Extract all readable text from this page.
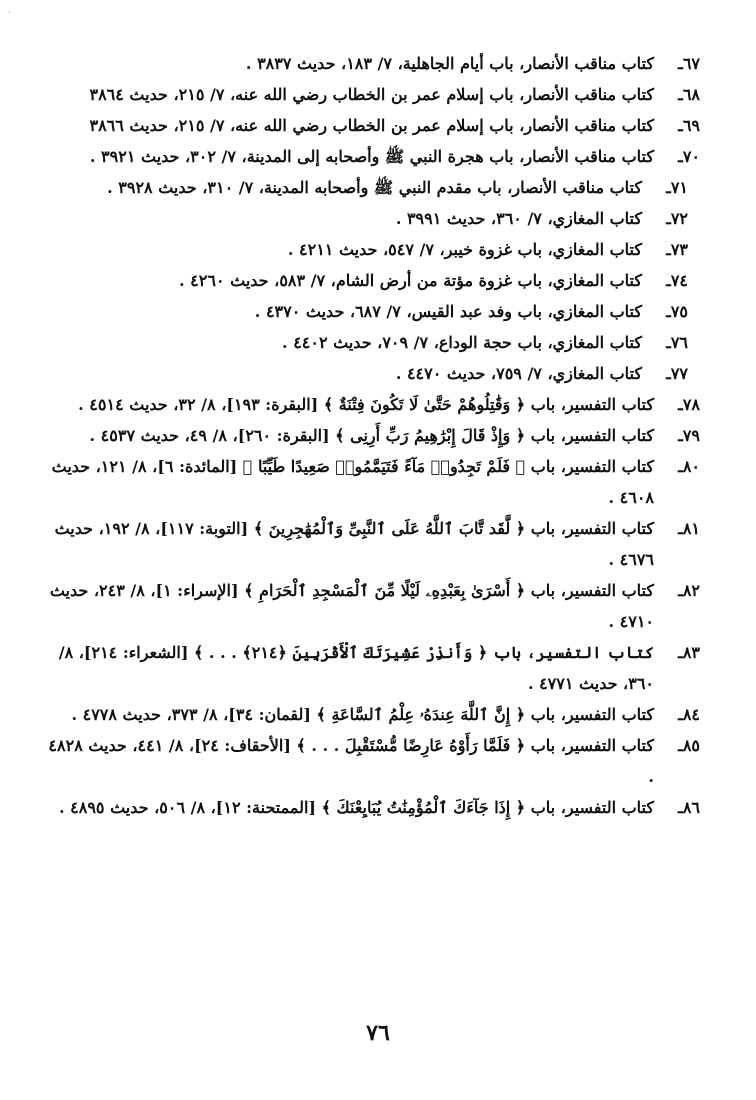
·
٦٧ـ
كتاب مناقب الأنصار، باب أيام الجاهلية، ٧/ ١٨٣، حديث ٣٨٣٧ .
٦٨ـ
كتاب مناقب الأنصار، باب إسلام عمر بن الخطاب رضي الله عنه، ٧/ ٢١٥، حديث ٣٨٦٤
٦٩ـ
كتاب مناقب الأنصار، باب إسلام عمر بن الخطاب رضي الله عنه، ٧/ ٢١٥، حديث ٣٨٦٦
٧٠ـ
كتاب مناقب الأنصار، باب هجرة النبي ﷺ وأصحابه إلى المدينة، ٧/ ٣٠٢، حديث ٣٩٢١ .
٧١ـ
كتاب مناقب الأنصار، باب مقدم النبي ﷺ وأصحابه المدينة، ٧/ ٣١٠، حديث ٣٩٢٨ .
٧٢ـ
كتاب المغازي، ٧/ ٣٦٠، حديث ٣٩٩١ .
٧٣ـ
كتاب المغازي، باب غزوة خيبر، ٧/ ٥٤٧، حديث ٤٢١١ .
٧٤ـ
كتاب المغازي، باب غزوة مؤتة من أرض الشام، ٧/ ٥٨٣، حديث ٤٢٦٠ .
٧٥ـ
كتاب المغازي، باب وفد عبد القيس، ٧/ ٦٨٧، حديث ٤٣٧٠ .
٧٦ـ
كتاب المغازي، باب حجة الوداع، ٧/ ٧٠٩، حديث ٤٤٠٢ .
٧٧ـ
كتاب المغازي، ٧/ ٧٥٩، حديث ٤٤٧٠ .
٧٨ـ
كتاب التفسير، باب ﴿ وَقَٰتِلُوهُمْ حَتَّىٰ لَا تَكُونَ فِتْنَةٌ ﴾ [البقرة: ١٩٣]، ٨/ ٣٢، حديث ٤٥١٤ .
٧٩ـ
كتاب التفسير، باب ﴿ وَإِذْ قَالَ إِبْرَٰهِيمُ رَبِّ أَرِنِى ﴾ [البقرة: ٢٦٠]، ٨/ ٤٩، حديث ٤٥٣٧ .
٨٠ـ
كتاب التفسير، باب ﴿ فَلَمْ تَجِدُوا۟ مَآءً فَتَيَمَّمُوا۟ صَعِيدًا طَيِّبًا ﴾ [المائدة: ٦]، ٨/ ١٢١، حديث ٤٦٠٨ .
٨١ـ
كتاب التفسير، باب ﴿ لَّقَد تَّابَ ٱللَّهُ عَلَى ٱلنَّبِىِّ وَٱلْمُهَٰجِرِينَ ﴾ [التوبة: ١١٧]، ٨/ ١٩٢، حديث ٤٦٧٦ .
٨٢ـ
كتاب التفسير، باب ﴿ أَسْرَىٰ بِعَبْدِهِۦ لَيْلًا مِّنَ ٱلْمَسْجِدِ ٱلْحَرَامِ ﴾ [الإسراء: ١]، ٨/ ٢٤٣، حديث ٤٧١٠ .
٨٣ـ
كتاب التفسير، باب ﴿ وَأَنذِرْ عَشِيرَتَكَ ٱلْأَقْرَبِينَ ﴿٢١٤﴾ . . . ﴾ [الشعراء: ٢١٤]، ٨/ ٣٦٠، حديث ٤٧٧١ .
٨٤ـ
كتاب التفسير، باب ﴿ إِنَّ ٱللَّهَ عِندَهُۥ عِلْمُ ٱلسَّاعَةِ ﴾ [لقمان: ٣٤]، ٨/ ٣٧٣، حديث ٤٧٧٨ .
٨٥ـ
كتاب التفسير، باب ﴿ فَلَمَّا رَأَوْهُ عَارِضًا مُّسْتَقْبِلَ . . . ﴾ [الأحقاف: ٢٤]، ٨/ ٤٤١، حديث ٤٨٢٨ .
٨٦ـ
كتاب التفسير، باب ﴿ إِذَا جَآءَكَ ٱلْمُؤْمِنَٰتُ يُبَايِعْنَكَ ﴾ [الممتحنة: ١٢]، ٨/ ٥٠٦، حديث ٤٨٩٥ .
٧٦
